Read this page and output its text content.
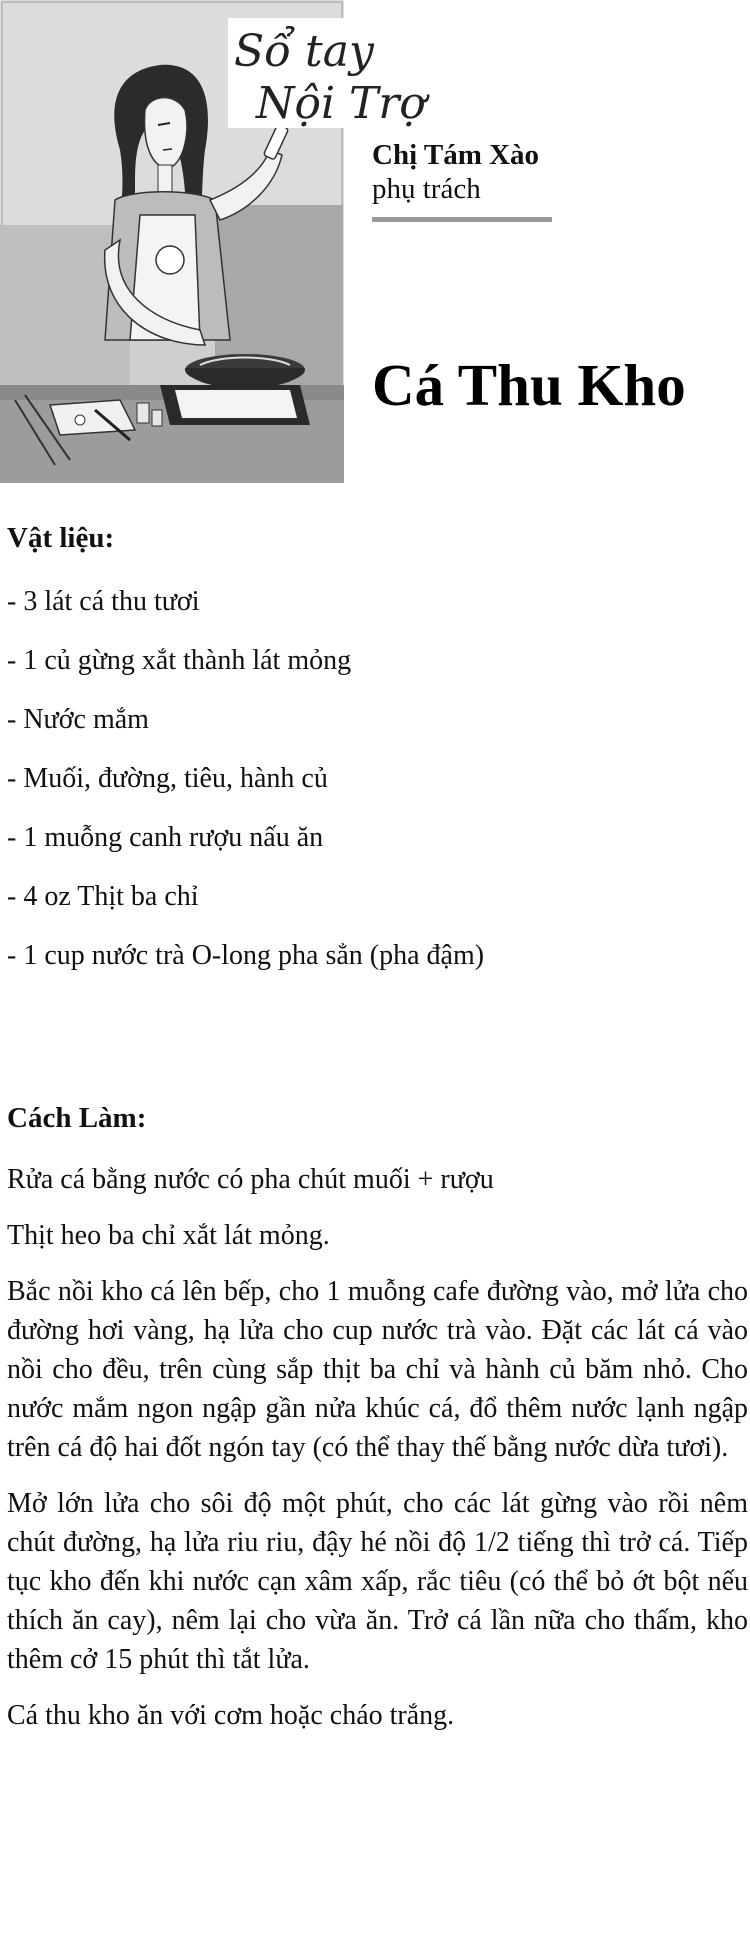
Sổ tay
Nội Trợ
Chị Tám Xào
phụ trách
Cá Thu Kho
Vật liệu:
- 3 lát cá thu tươi
- 1 củ gừng xắt thành lát mỏng
- Nước mắm
- Muối, đường, tiêu, hành củ
- 1 muỗng canh rượu nấu ăn
- 4 oz Thịt ba chỉ
- 1 cup nước trà O-long pha sẳn (pha đậm)
Cách Làm:

Rửa cá bằng nước có pha chút muối + rượu

Thịt heo ba chỉ xắt lát mỏng.

Bắc nồi kho cá lên bếp, cho 1 muỗng cafe đường vào, mở lửa cho đường hơi vàng, hạ lửa cho cup nước trà vào. Đặt các lát cá vào nồi cho đều, trên cùng sắp thịt ba chỉ và hành củ băm nhỏ. Cho nước mắm ngon ngập gần nửa khúc cá, đổ thêm nước lạnh ngập trên cá độ hai đốt ngón tay (có thể thay thế bằng nước dừa tươi).

Mở lớn lửa cho sôi độ một phút, cho các lát gừng vào rồi nêm chút đường, hạ lửa riu riu, đậy hé nồi độ 1/2 tiếng thì trở cá. Tiếp tục kho đến khi nước cạn xâm xấp, rắc tiêu (có thể bỏ ớt bột nếu thích ăn cay), nêm lại cho vừa ăn. Trở cá lần nữa cho thấm, kho thêm cở 15 phút thì tắt lửa.

Cá thu kho ăn với cơm hoặc cháo trắng.
